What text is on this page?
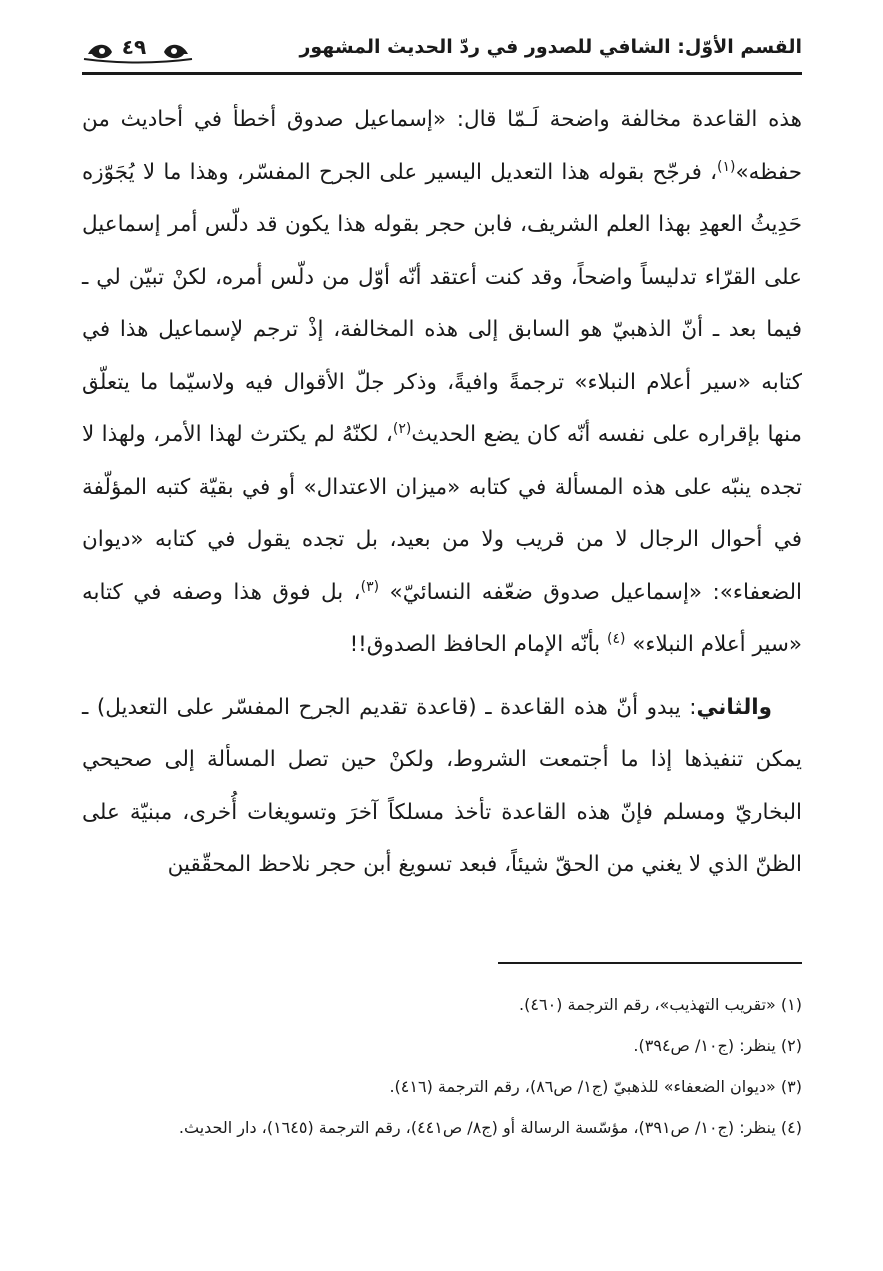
القسم الأوّل: الشافي للصدور في ردّ الحديث المشهور
٤٩

هذه القاعدة مخالفة واضحة لَـمّا قال: «إسماعيل صدوق أخطأ في أحاديث من حفظه»$^{(١)}$، فرجّح بقوله هذا التعديل اليسير على الجرح المفسّر، وهذا ما لا يُجَوّزه حَدِيثُ العهدِ بهذا العلم الشريف، فابن حجر بقوله هذا يكون قد دلّس أمر إسماعيل على القرّاء تدليساً واضحاً، وقد كنت أعتقد أنّه أوّل من دلّس أمره، لكنْ تبيّن لي ـ فيما بعد ـ أنّ الذهبيّ هو السابق إلى هذه المخالفة، إذْ ترجم لإسماعيل هذا في كتابه «سير أعلام النبلاء» ترجمةً وافيةً، وذكر جلّ الأقوال فيه ولاسيّما ما يتعلّق منها بإقراره على نفسه أنّه كان يضع الحديث$^{(٢)}$، لكنّهُ لم يكترث لهذا الأمر، ولهذا لا تجده ينبّه على هذه المسألة في كتابه «ميزان الاعتدال» أو في بقيّة كتبه المؤلّفة في أحوال الرجال لا من قريب ولا من بعيد، بل تجده يقول في كتابه «ديوان الضعفاء»: «إسماعيل صدوق ضعّفه النسائيّ» $^{(٣)}$، بل فوق هذا وصفه في كتابه «سير أعلام النبلاء» $^{(٤)}$ بأنّه الإمام الحافظ الصدوق!!

والثاني: يبدو أنّ هذه القاعدة ـ (قاعدة تقديم الجرح المفسّر على التعديل) ـ يمكن تنفيذها إذا ما أجتمعت الشروط، ولكنْ حين تصل المسألة إلى صحيحي البخاريّ ومسلم فإنّ هذه القاعدة تأخذ مسلكاً آخرَ وتسويغات أُخرى، مبنيّة على الظنّ الذي لا يغني من الحقّ شيئاً، فبعد تسويغ أبن حجر نلاحظ المحقّقين

(١) «تقريب التهذيب»، رقم الترجمة (٤٦٠).

(٢) ينظر: (ج١٠/ ص٣٩٤).

(٣) «ديوان الضعفاء» للذهبيّ (ج١/ ص٨٦)، رقم الترجمة (٤١٦).

(٤) ينظر: (ج١٠/ ص٣٩١)، مؤسّسة الرسالة أو (ج٨/ ص٤٤١)، رقم الترجمة (١٦٤٥)، دار الحديث.
